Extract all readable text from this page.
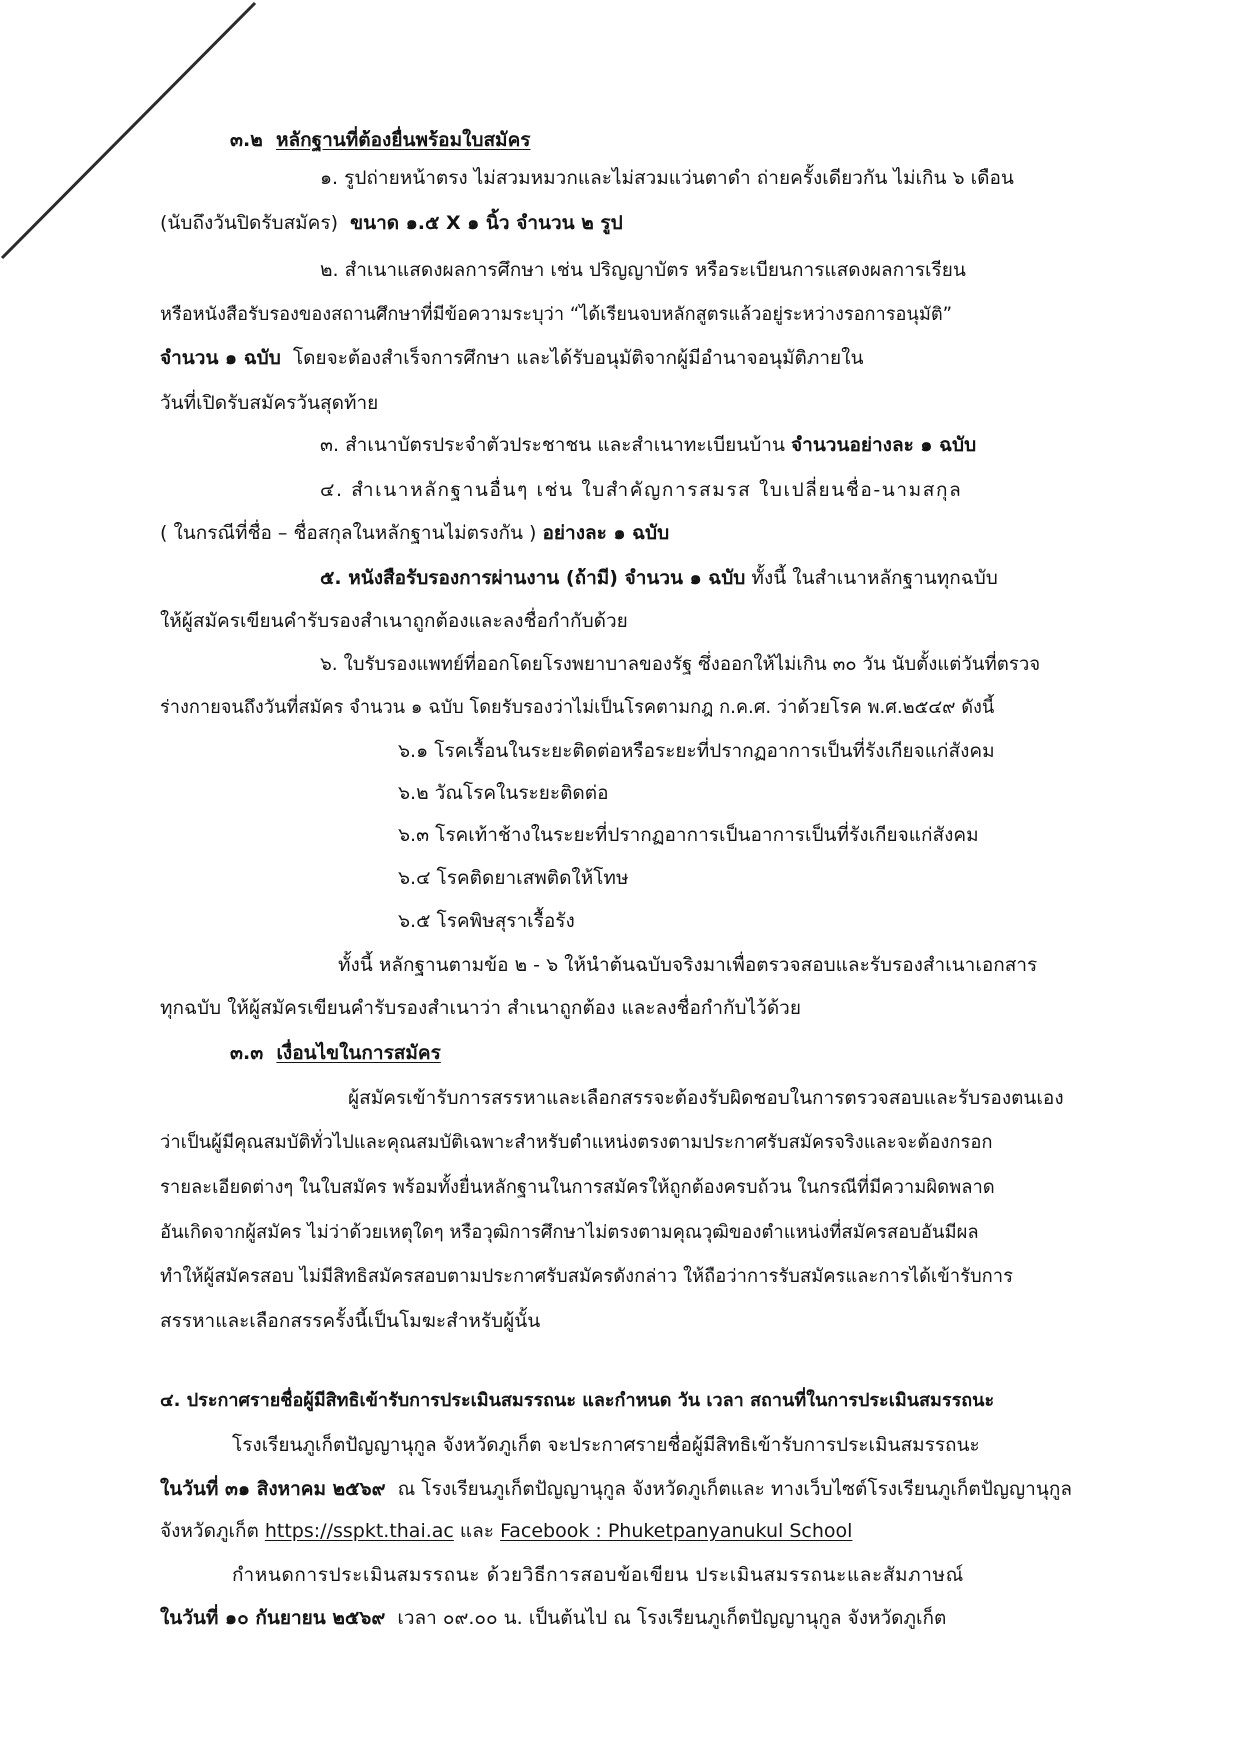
๓.๒ หลักฐานที่ต้องยื่นพร้อมใบสมัคร
๑. รูปถ่ายหน้าตรง ไม่สวมหมวกและไม่สวมแว่นตาดำ ถ่ายครั้งเดียวกัน ไม่เกิน ๖ เดือน
(นับถึงวันปิดรับสมัคร) ขนาด ๑.๕ X ๑ นิ้ว จำนวน ๒ รูป
๒. สำเนาแสดงผลการศึกษา เช่น ปริญญาบัตร หรือระเบียนการแสดงผลการเรียน
หรือหนังสือรับรองของสถานศึกษาที่มีข้อความระบุว่า “ได้เรียนจบหลักสูตรแล้วอยู่ระหว่างรอการอนุมัติ”
จำนวน ๑ ฉบับ โดยจะต้องสำเร็จการศึกษา และได้รับอนุมัติจากผู้มีอำนาจอนุมัติภายใน
วันที่เปิดรับสมัครวันสุดท้าย
๓. สำเนาบัตรประจำตัวประชาชน และสำเนาทะเบียนบ้าน จำนวนอย่างละ ๑ ฉบับ
๔. สำเนาหลักฐานอื่นๆ เช่น ใบสำคัญการสมรส ใบเปลี่ยนชื่อ-นามสกุล
( ในกรณีที่ชื่อ – ชื่อสกุลในหลักฐานไม่ตรงกัน ) อย่างละ ๑ ฉบับ
๕. หนังสือรับรองการผ่านงาน (ถ้ามี) จำนวน ๑ ฉบับ ทั้งนี้ ในสำเนาหลักฐานทุกฉบับ
ให้ผู้สมัครเขียนคำรับรองสำเนาถูกต้องและลงชื่อกำกับด้วย
๖. ใบรับรองแพทย์ที่ออกโดยโรงพยาบาลของรัฐ ซึ่งออกให้ไม่เกิน ๓๐ วัน นับตั้งแต่วันที่ตรวจ
ร่างกายจนถึงวันที่สมัคร จำนวน ๑ ฉบับ โดยรับรองว่าไม่เป็นโรคตามกฎ ก.ค.ศ. ว่าด้วยโรค พ.ศ.๒๕๔๙ ดังนี้
๖.๑ โรคเรื้อนในระยะติดต่อหรือระยะที่ปรากฏอาการเป็นที่รังเกียจแก่สังคม
๖.๒ วัณโรคในระยะติดต่อ
๖.๓ โรคเท้าช้างในระยะที่ปรากฏอาการเป็นอาการเป็นที่รังเกียจแก่สังคม
๖.๔ โรคติดยาเสพติดให้โทษ
๖.๕ โรคพิษสุราเรื้อรัง
ทั้งนี้ หลักฐานตามข้อ ๒ - ๖ ให้นำต้นฉบับจริงมาเพื่อตรวจสอบและรับรองสำเนาเอกสาร
ทุกฉบับ ให้ผู้สมัครเขียนคำรับรองสำเนาว่า สำเนาถูกต้อง และลงชื่อกำกับไว้ด้วย
๓.๓ เงื่อนไขในการสมัคร
ผู้สมัครเข้ารับการสรรหาและเลือกสรรจะต้องรับผิดชอบในการตรวจสอบและรับรองตนเอง
ว่าเป็นผู้มีคุณสมบัติทั่วไปและคุณสมบัติเฉพาะสำหรับตำแหน่งตรงตามประกาศรับสมัครจริงและจะต้องกรอก
รายละเอียดต่างๆ ในใบสมัคร พร้อมทั้งยื่นหลักฐานในการสมัครให้ถูกต้องครบถ้วน ในกรณีที่มีความผิดพลาด
อันเกิดจากผู้สมัคร ไม่ว่าด้วยเหตุใดๆ หรือวุฒิการศึกษาไม่ตรงตามคุณวุฒิของตำแหน่งที่สมัครสอบอันมีผล
ทำให้ผู้สมัครสอบ ไม่มีสิทธิสมัครสอบตามประกาศรับสมัครดังกล่าว ให้ถือว่าการรับสมัครและการได้เข้ารับการ
สรรหาและเลือกสรรครั้งนี้เป็นโมฆะสำหรับผู้นั้น
๔. ประกาศรายชื่อผู้มีสิทธิเข้ารับการประเมินสมรรถนะ และกำหนด วัน เวลา สถานที่ในการประเมินสมรรถนะ
โรงเรียนภูเก็ตปัญญานุกูล จังหวัดภูเก็ต จะประกาศรายชื่อผู้มีสิทธิเข้ารับการประเมินสมรรถนะ
ในวันที่ ๓๑ สิงหาคม ๒๕๖๙ ณ โรงเรียนภูเก็ตปัญญานุกูล จังหวัดภูเก็ตและ ทางเว็บไซต์โรงเรียนภูเก็ตปัญญานุกูล
จังหวัดภูเก็ต https://sspkt.thai.ac และ Facebook : Phuketpanyanukul School
กำหนดการประเมินสมรรถนะ ด้วยวิธีการสอบข้อเขียน ประเมินสมรรถนะและสัมภาษณ์
ในวันที่ ๑๐ กันยายน ๒๕๖๙ เวลา ๐๙.๐๐ น. เป็นต้นไป ณ โรงเรียนภูเก็ตปัญญานุกูล จังหวัดภูเก็ต
